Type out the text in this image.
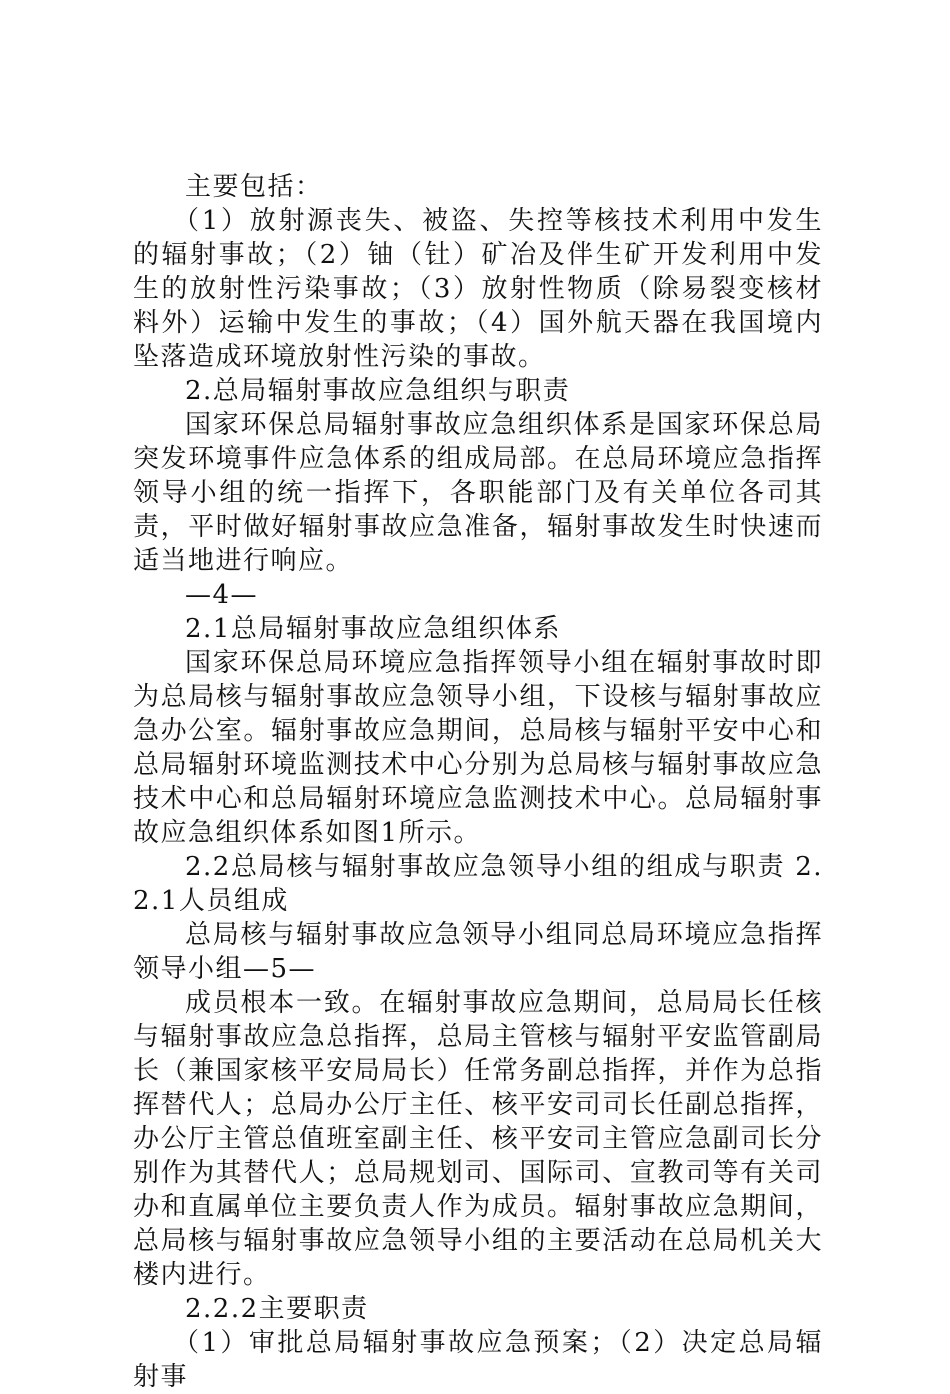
主要包括：

（1）放射源丧失、被盗、失控等核技术利用中发生的辐射事故；（2）铀（钍）矿冶及伴生矿开发利用中发生的放射性污染事故；（3）放射性物质（除易裂变核材料外）运输中发生的事故；（4）国外航天器在我国境内坠落造成环境放射性污染的事故。

2.总局辐射事故应急组织与职责

国家环保总局辐射事故应急组织体系是国家环保总局突发环境事件应急体系的组成局部。在总局环境应急指挥领导小组的统一指挥下，各职能部门及有关单位各司其责，平时做好辐射事故应急准备，辐射事故发生时快速而适当地进行响应。

—4—

2.1总局辐射事故应急组织体系

国家环保总局环境应急指挥领导小组在辐射事故时即为总局核与辐射事故应急领导小组，下设核与辐射事故应急办公室。辐射事故应急期间，总局核与辐射平安中心和总局辐射环境监测技术中心分别为总局核与辐射事故应急技术中心和总局辐射环境应急监测技术中心。总局辐射事故应急组织体系如图1所示。

2.2总局核与辐射事故应急领导小组的组成与职责 2.2.1人员组成

总局核与辐射事故应急领导小组同总局环境应急指挥领导小组—5—

成员根本一致。在辐射事故应急期间，总局局长任核与辐射事故应急总指挥，总局主管核与辐射平安监管副局长（兼国家核平安局局长）任常务副总指挥，并作为总指挥替代人；总局办公厅主任、核平安司司长任副总指挥，办公厅主管总值班室副主任、核平安司主管应急副司长分别作为其替代人；总局规划司、国际司、宣教司等有关司办和直属单位主要负责人作为成员。辐射事故应急期间，总局核与辐射事故应急领导小组的主要活动在总局机关大楼内进行。

2.2.2主要职责

（1）审批总局辐射事故应急预案；（2）决定总局辐射事
